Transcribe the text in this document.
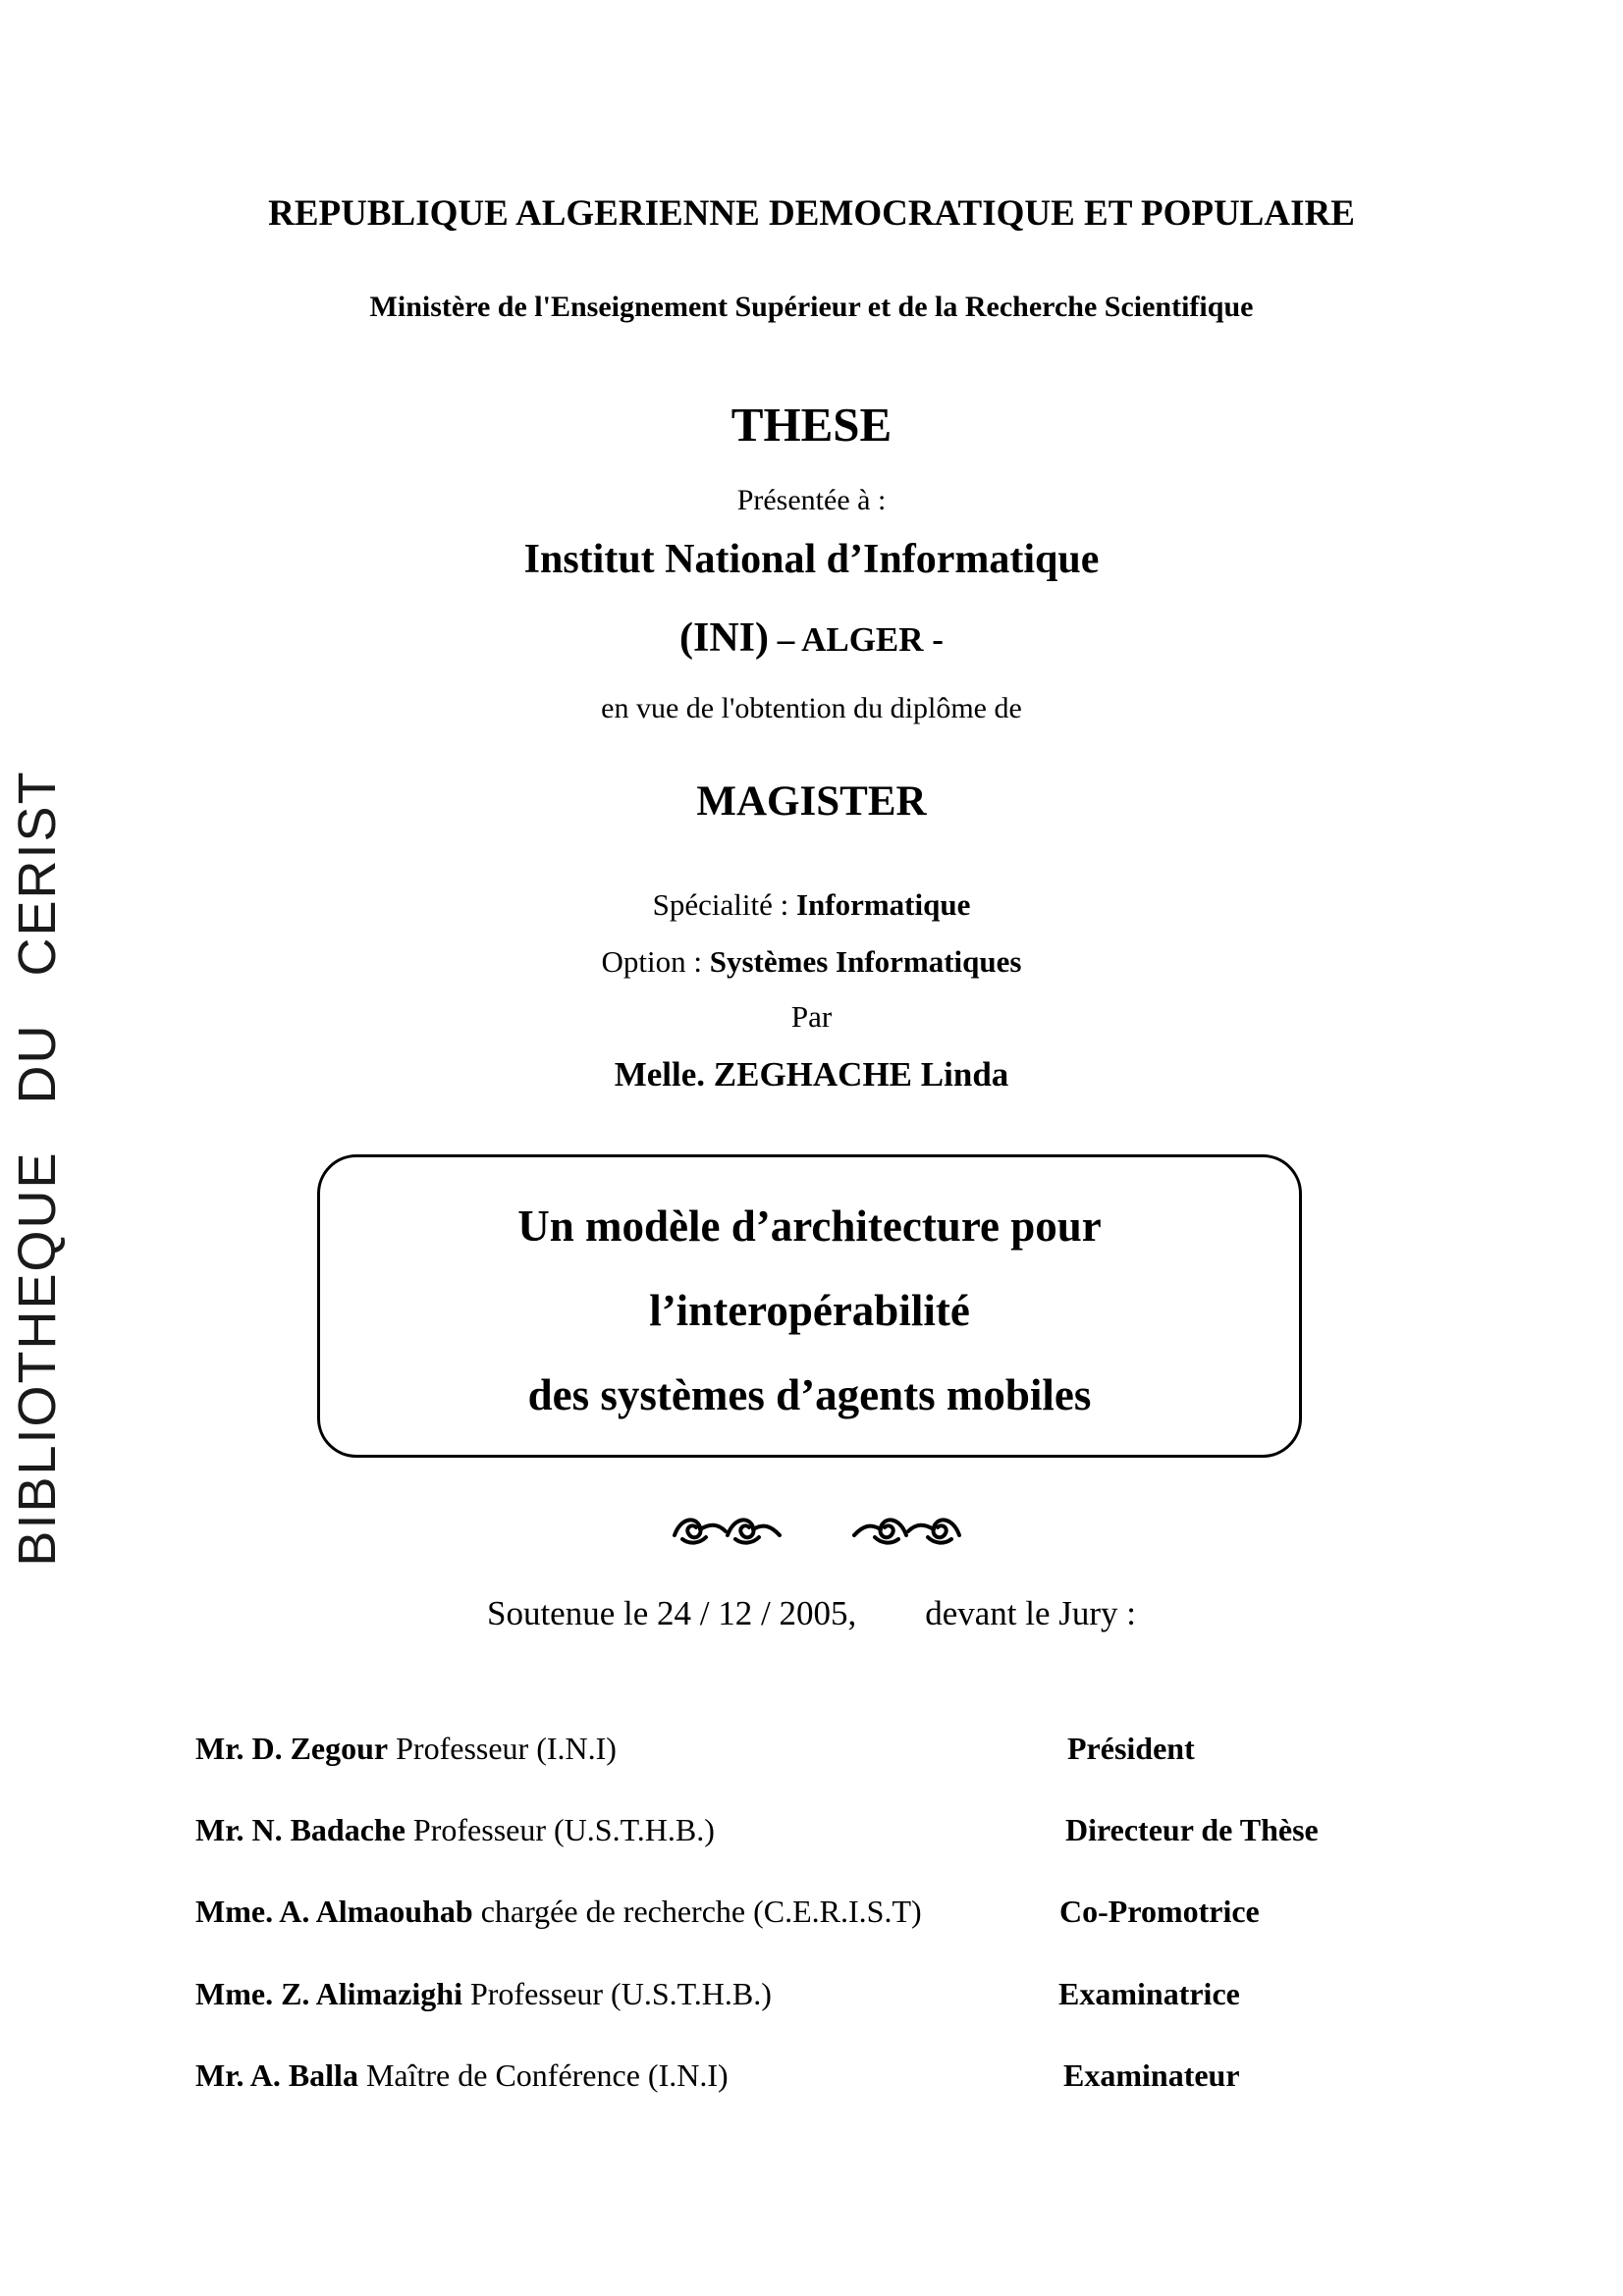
BIBLIOTHEQUEDUCERIST
REPUBLIQUE ALGERIENNE DEMOCRATIQUE ET POPULAIRE
Ministère de l'Enseignement Supérieur et de la Recherche Scientifique
THESE
Présentée à :
Institut National d’Informatique
(INI) – ALGER -
en vue de l'obtention du diplôme de
MAGISTER
Spécialité : Informatique
Option : Systèmes Informatiques
Par
Melle. ZEGHACHE Linda
Un modèle d’architecture pour
l’interopérabilité
des systèmes d’agents mobiles
Soutenue le 24 / 12 / 2005, devant le Jury :
Mr. D. Zegour Professeur (I.N.I)	Président
Mr. N. Badache Professeur (U.S.T.H.B.)	Directeur de Thèse
Mme. A. Almaouhab chargée de recherche (C.E.R.I.S.T)	Co-Promotrice
Mme. Z. Alimazighi Professeur (U.S.T.H.B.)	Examinatrice
Mr. A. Balla Maître de Conférence (I.N.I)	Examinateur
